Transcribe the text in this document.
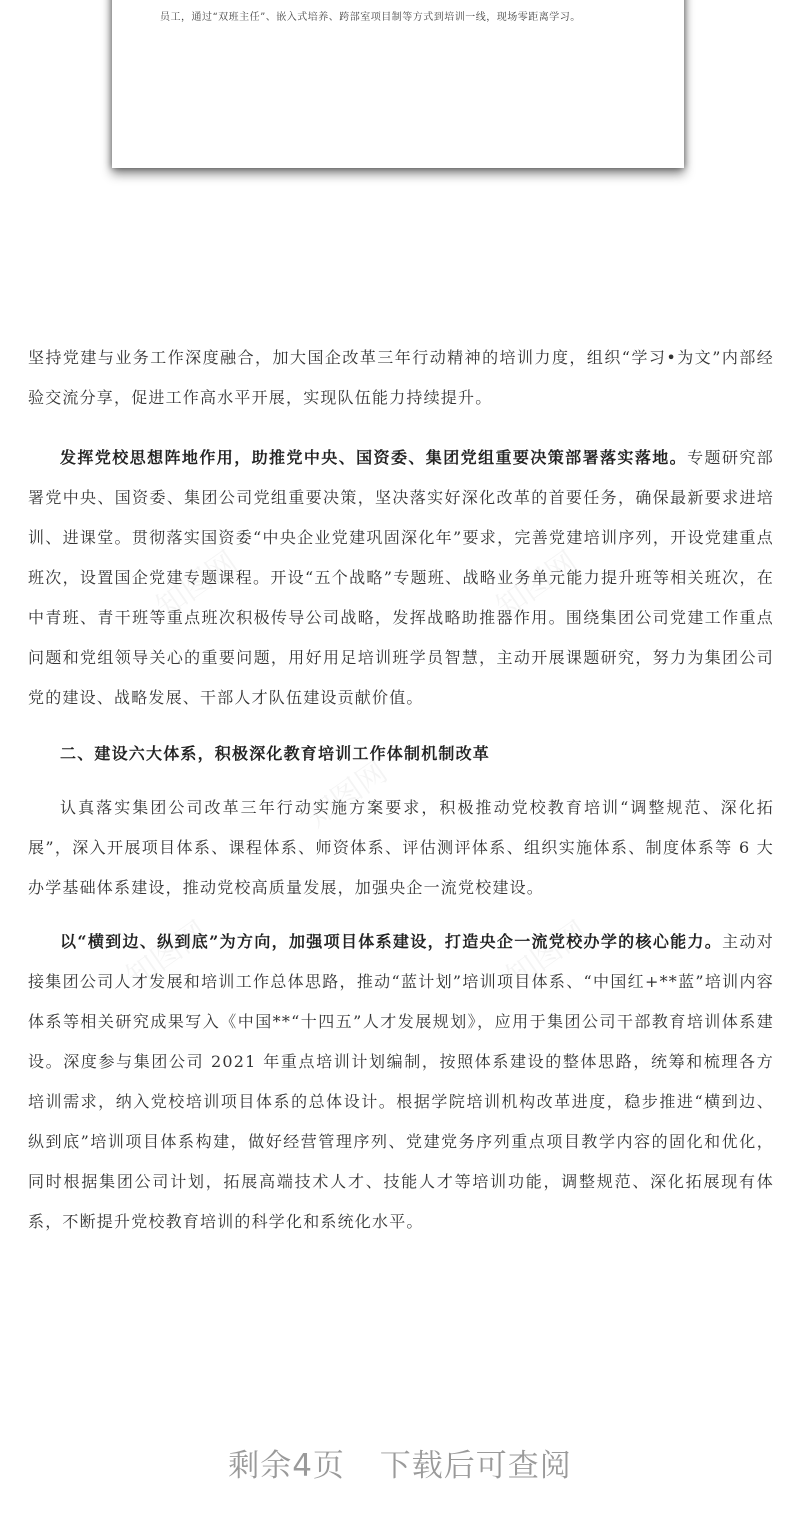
员工，通过“双班主任”、嵌入式培养、跨部室项目制等方式到培训一线，现场零距离学习。

坚持党建与业务工作深度融合，加大国企改革三年行动精神的培训力度，组织“学习•为文”内部经验交流分享，促进工作高水平开展，实现队伍能力持续提升。

发挥党校思想阵地作用，助推党中央、国资委、集团党组重要决策部署落实落地。专题研究部署党中央、国资委、集团公司党组重要决策，坚决落实好深化改革的首要任务，确保最新要求进培训、进课堂。贯彻落实国资委“中央企业党建巩固深化年”要求，完善党建培训序列，开设党建重点班次，设置国企党建专题课程。开设“五个战略”专题班、战略业务单元能力提升班等相关班次，在中青班、青干班等重点班次积极传导公司战略，发挥战略助推器作用。围绕集团公司党建工作重点问题和党组领导关心的重要问题，用好用足培训班学员智慧，主动开展课题研究，努力为集团公司党的建设、战略发展、干部人才队伍建设贡献价值。

二、建设六大体系，积极深化教育培训工作体制机制改革

认真落实集团公司改革三年行动实施方案要求，积极推动党校教育培训“调整规范、深化拓展”，深入开展项目体系、课程体系、师资体系、评估测评体系、组织实施体系、制度体系等 6 大办学基础体系建设，推动党校高质量发展，加强央企一流党校建设。

以“横到边、纵到底”为方向，加强项目体系建设，打造央企一流党校办学的核心能力。主动对接集团公司人才发展和培训工作总体思路，推动“蓝计划”培训项目体系、“中国红+**蓝”培训内容体系等相关研究成果写入《中国**“十四五”人才发展规划》，应用于集团公司干部教育培训体系建设。深度参与集团公司 2021 年重点培训计划编制，按照体系建设的整体思路，统筹和梳理各方培训需求，纳入党校培训项目体系的总体设计。根据学院培训机构改革进度，稳步推进“横到边、纵到底”培训项目体系构建，做好经营管理序列、党建党务序列重点项目教学内容的固化和优化，同时根据集团公司计划，拓展高端技术人才、技能人才等培训功能，调整规范、深化拓展现有体系，不断提升党校教育培训的科学化和系统化水平。

剩余4页 下载后可查阅
